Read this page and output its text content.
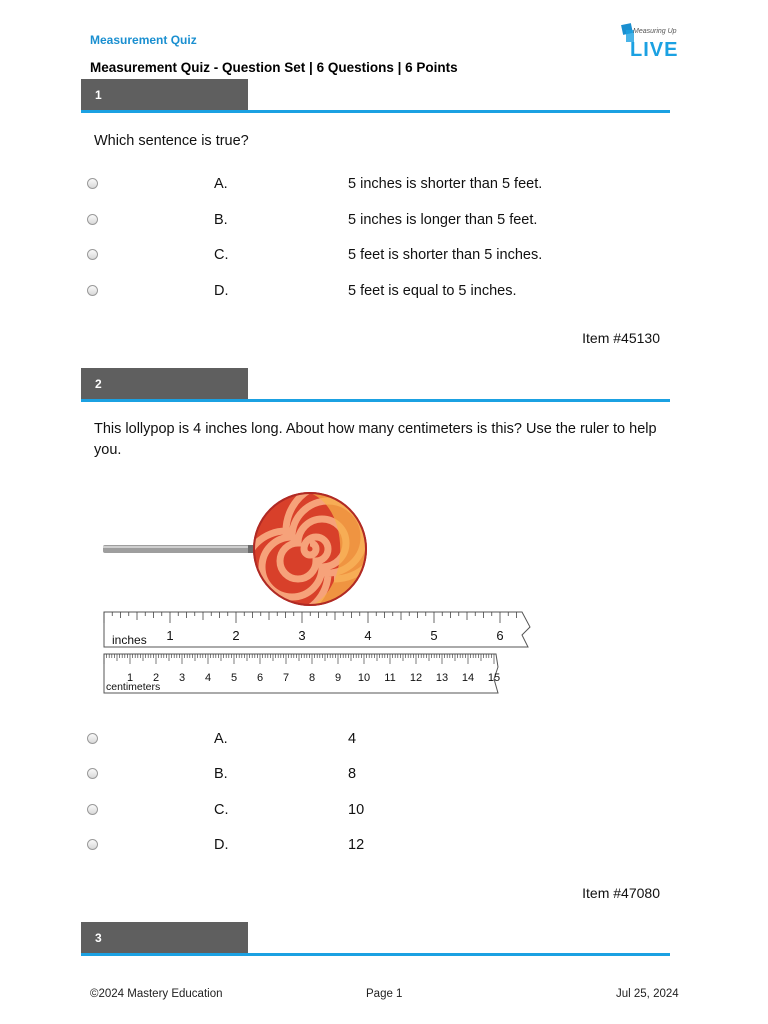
Measurement Quiz
Measurement Quiz - Question Set | 6 Questions | 6 Points
Measuring Up
LIVE
1
Which sentence is true?
A.	5 inches is shorter than 5 feet.
B.	5 inches is longer than 5 feet.
C.	5 feet is shorter than 5 inches.
D.	5 feet is equal to 5 inches.
Item #45130
2
This lollypop is 4 inches long. About how many centimeters is this? Use the ruler to help you.
inches 1	2	3	4	5	6
centimeters
1 2 3 4 5 6 7 8 9 10 11 12 13 14 15
A.	4
B.	8
C.	10
D.	12
Item #47080
3
©2024 Mastery Education	Page 1	Jul 25, 2024
